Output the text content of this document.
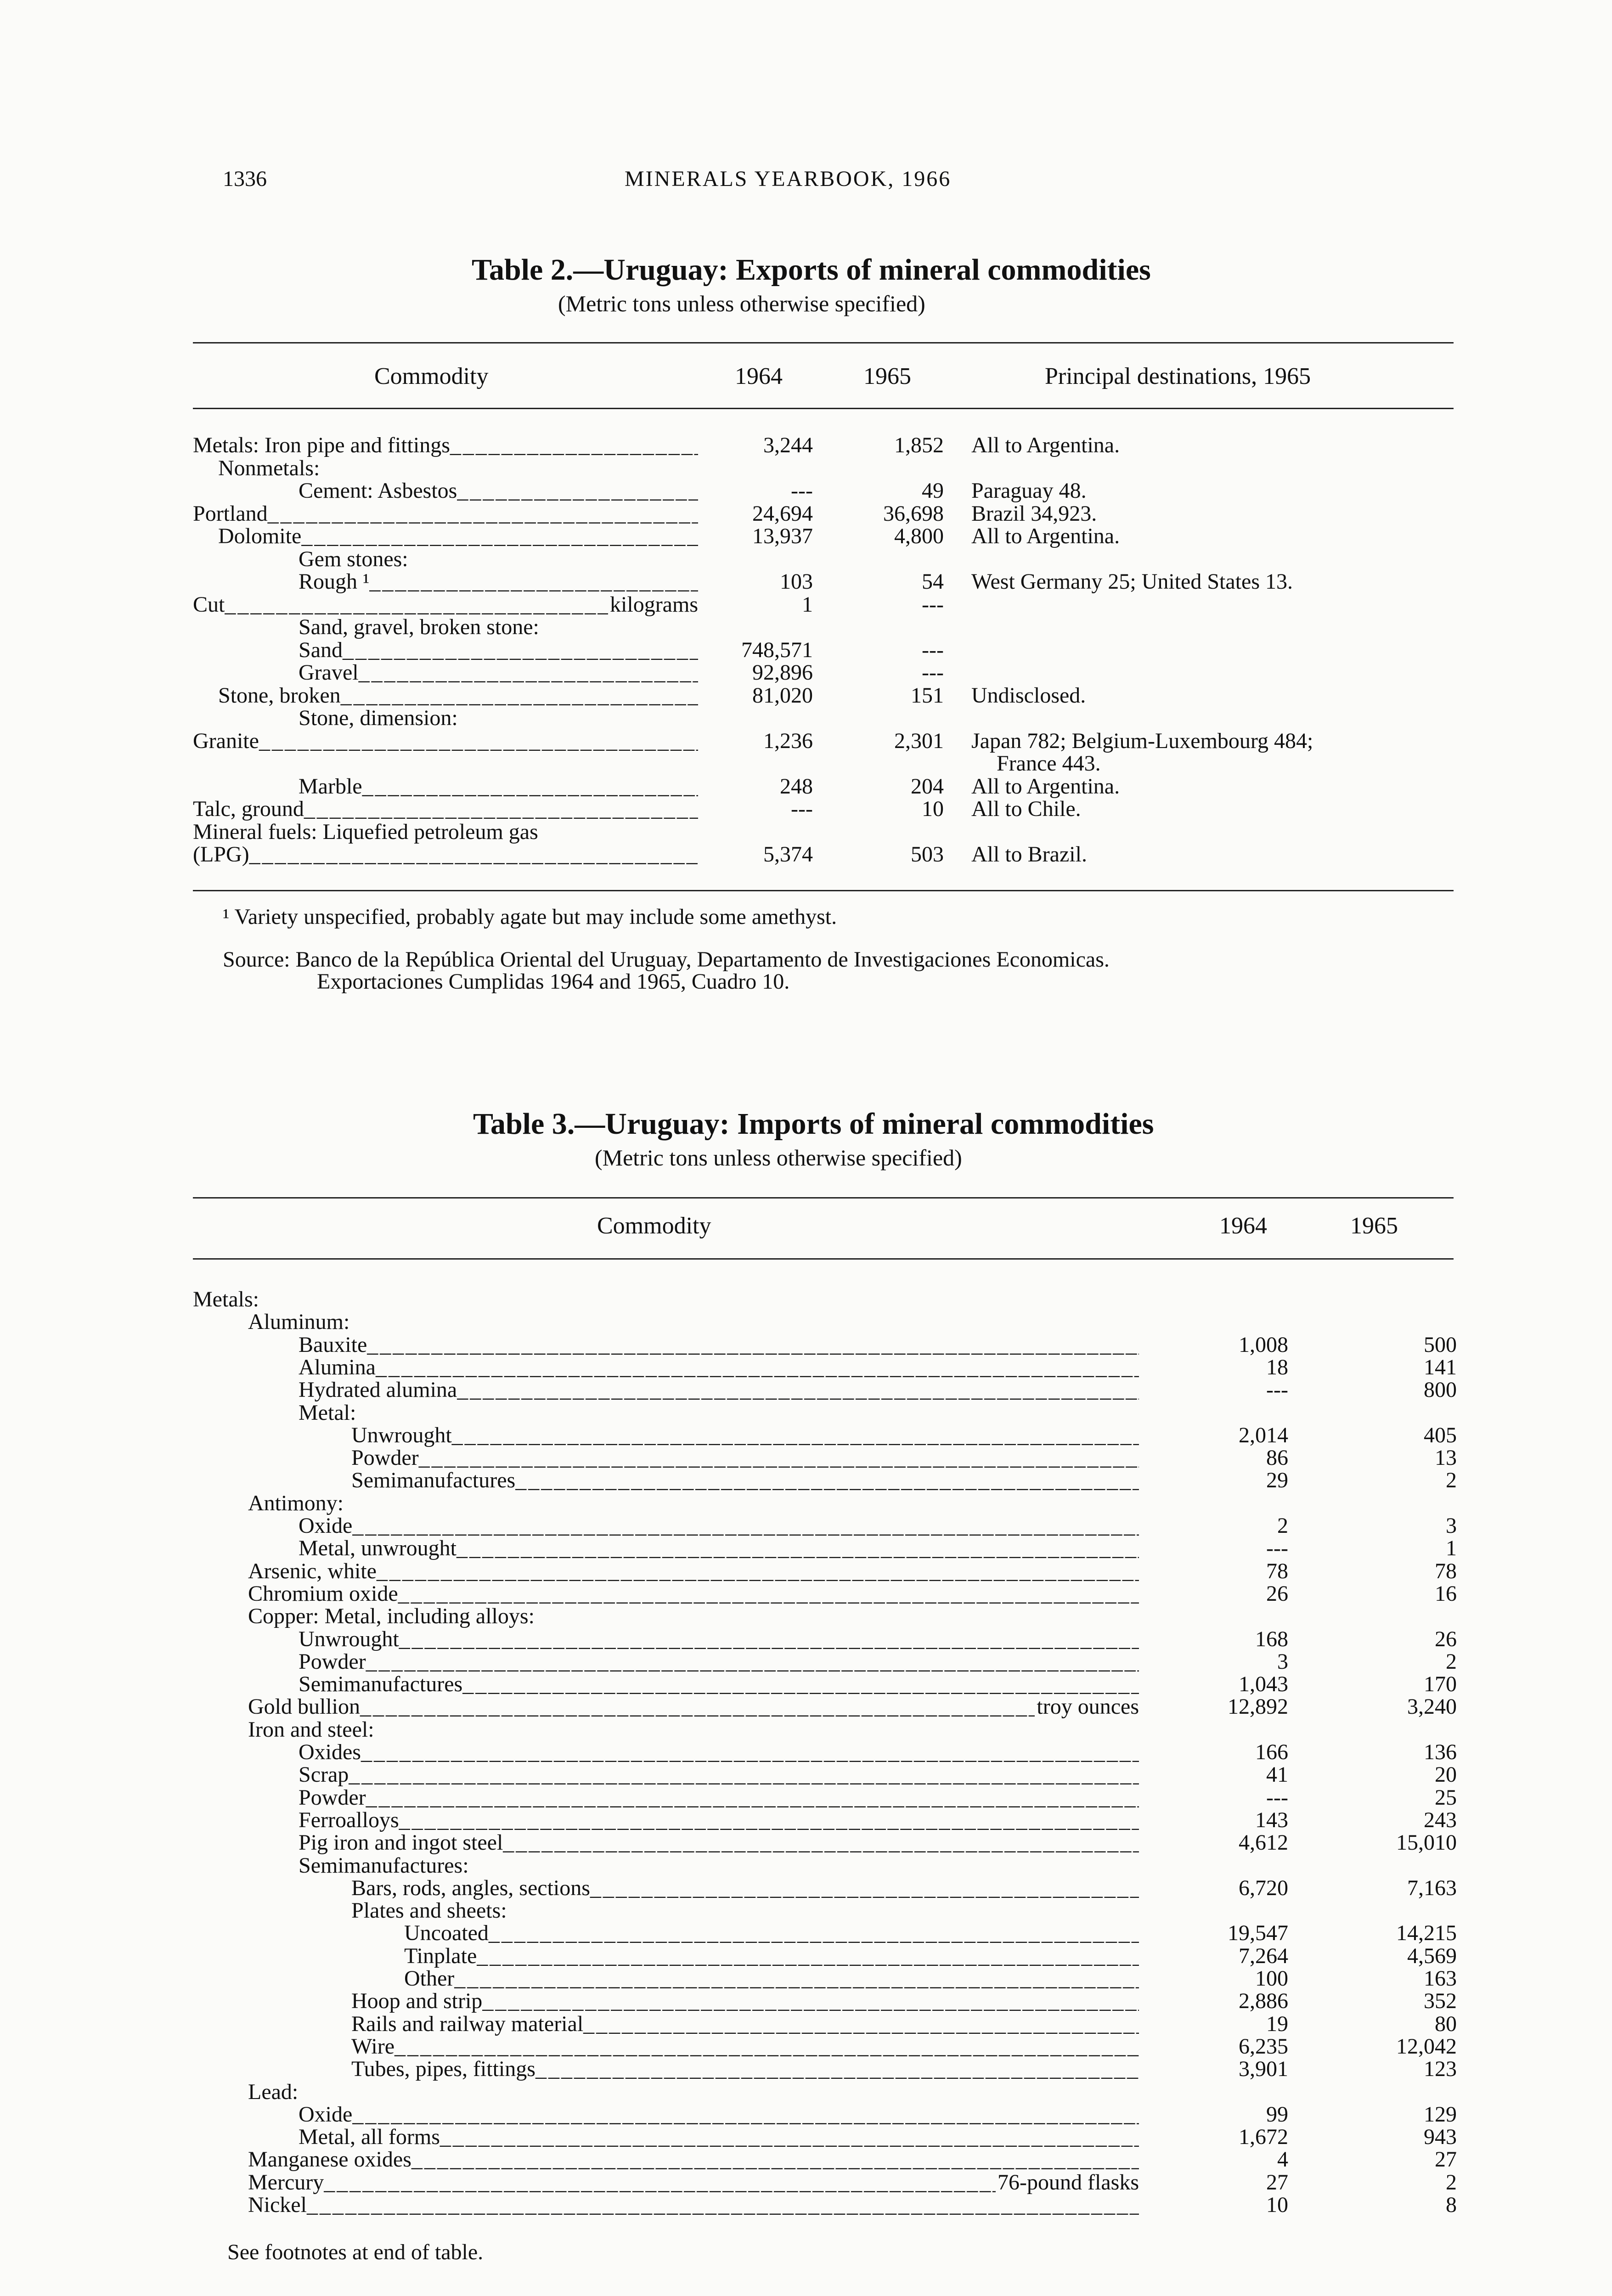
1336	MINERALS YEARBOOK, 1966
Table 2.—Uruguay: Exports of mineral commodities
(Metric tons unless otherwise specified)
Commodity	1964	1965	Principal destinations, 1965
Metals: Iron pipe and fittings _ _ _	3,244	1,852 All to Argentina.
Nonmetals:
Cement: Asbestos _ _ _	---	49 Paraguay 48.
Portland _ _ _	24,694	36,698 Brazil 34,923.
Dolomite _ _ _	13,937	4,800 All to Argentina.
Gem stones:
Rough ¹ _ _ _	103	54 West Germany 25; United States 13.
Cut _ _ _	kilograms	1	---
Sand, gravel, broken stone:
Sand _ _ _	748,571	---
Gravel _ _ _	92,896	---
Stone, broken _ _ _	81,020	151 Undisclosed.
Stone, dimension:
Granite _ _ _	1,236	2,301 Japan 782; Belgium-Luxembourg 484;
France 443.
Marble _ _ _	248	204 All to Argentina.
Talc, ground _ _ _	---	10 All to Chile.
Mineral fuels: Liquefied petroleum gas
(LPG) _ _ _	5,374	503 All to Brazil.
¹ Variety unspecified, probably agate but may include some amethyst.
Source: Banco de la República Oriental del Uruguay, Departamento de Investigaciones Economicas.
Exportaciones Cumplidas 1964 and 1965, Cuadro 10.
Table 3.—Uruguay: Imports of mineral commodities
(Metric tons unless otherwise specified)
Commodity	1964	1965
Metals:
Aluminum:
Bauxite _ _ _	1,008	500
Alumina _ _ _	18	141
Hydrated alumina _ _ _	---	800
Metal:
Unwrought _ _ _	2,014	405
Powder _ _ _	86	13
Semimanufactures _ _ _	29	2
Antimony:
Oxide _ _ _	2	3
Metal, unwrought _ _ _	---	1
Arsenic, white _ _ _	78	78
Chromium oxide _ _ _	26	16
Copper: Metal, including alloys:
Unwrought _ _ _	168	26
Powder _ _ _	3	2
Semimanufactures _ _ _	1,043	170
Gold bullion _ _ _	troy ounces	12,892	3,240
Iron and steel:
Oxides _ _ _	166	136
Scrap _ _ _	41	20
Powder _ _ _	---	25
Ferroalloys _ _ _	143	243
Pig iron and ingot steel _ _ _	4,612	15,010
Semimanufactures:
Bars, rods, angles, sections _ _ _	6,720	7,163
Plates and sheets:
Uncoated _ _ _	19,547	14,215
Tinplate _ _ _	7,264	4,569
Other _ _ _	100	163
Hoop and strip _ _ _	2,886	352
Rails and railway material _ _ _	19	80
Wire _ _ _	6,235	12,042
Tubes, pipes, fittings _ _ _	3,901	123
Lead:
Oxide _ _ _	99	129
Metal, all forms _ _ _	1,672	943
Manganese oxides _ _ _	4	27
Mercury _ _ _	76-pound flasks	27	2
Nickel _ _ _	10	8
See footnotes at end of table.
